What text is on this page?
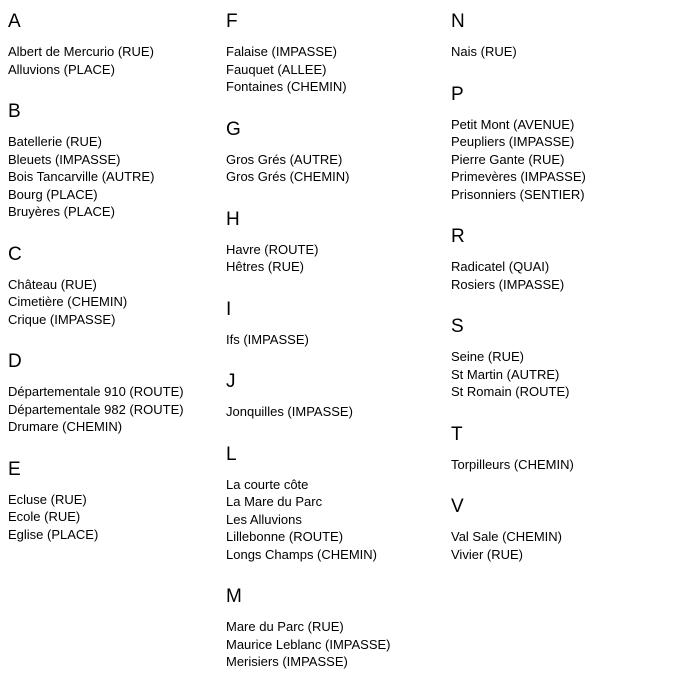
A
Albert de Mercurio (RUE)
Alluvions (PLACE)
B
Batellerie (RUE)
Bleuets (IMPASSE)
Bois Tancarville (AUTRE)
Bourg (PLACE)
Bruyères (PLACE)
C
Château (RUE)
Cimetière (CHEMIN)
Crique (IMPASSE)
D
Départementale 910 (ROUTE)
Départementale 982 (ROUTE)
Drumare (CHEMIN)
E
Ecluse (RUE)
Ecole (RUE)
Eglise (PLACE)
F
Falaise (IMPASSE)
Fauquet (ALLEE)
Fontaines (CHEMIN)
G
Gros Grés (AUTRE)
Gros Grés (CHEMIN)
H
Havre (ROUTE)
Hêtres (RUE)
I
Ifs (IMPASSE)
J
Jonquilles (IMPASSE)
L
La courte côte
La Mare du Parc
Les Alluvions
Lillebonne (ROUTE)
Longs Champs (CHEMIN)
M
Mare du Parc (RUE)
Maurice Leblanc (IMPASSE)
Merisiers (IMPASSE)
N
Nais (RUE)
P
Petit Mont (AVENUE)
Peupliers (IMPASSE)
Pierre Gante (RUE)
Primevères (IMPASSE)
Prisonniers (SENTIER)
R
Radicatel (QUAI)
Rosiers (IMPASSE)
S
Seine (RUE)
St Martin (AUTRE)
St Romain (ROUTE)
T
Torpilleurs (CHEMIN)
V
Val Sale (CHEMIN)
Vivier (RUE)
